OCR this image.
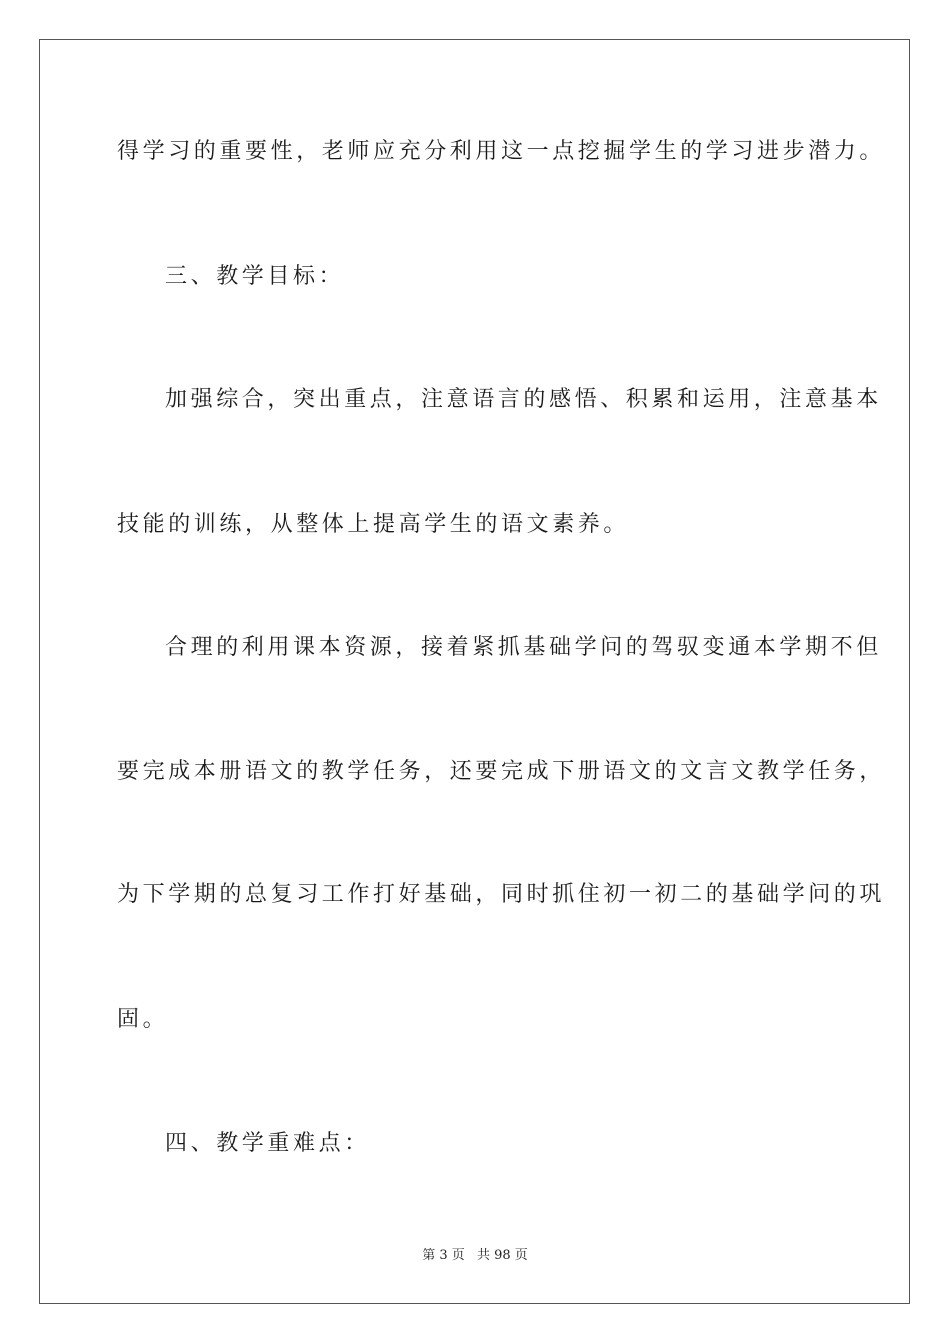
得学习的重要性，老师应充分利用这一点挖掘学生的学习进步潜力。
三、教学目标：
加强综合，突出重点，注意语言的感悟、积累和运用，注意基本
技能的训练，从整体上提高学生的语文素养。
合理的利用课本资源，接着紧抓基础学问的驾驭变通本学期不但
要完成本册语文的教学任务，还要完成下册语文的文言文教学任务，
为下学期的总复习工作打好基础，同时抓住初一初二的基础学问的巩
固。
四、教学重难点：
第 3 页 共 98 页
